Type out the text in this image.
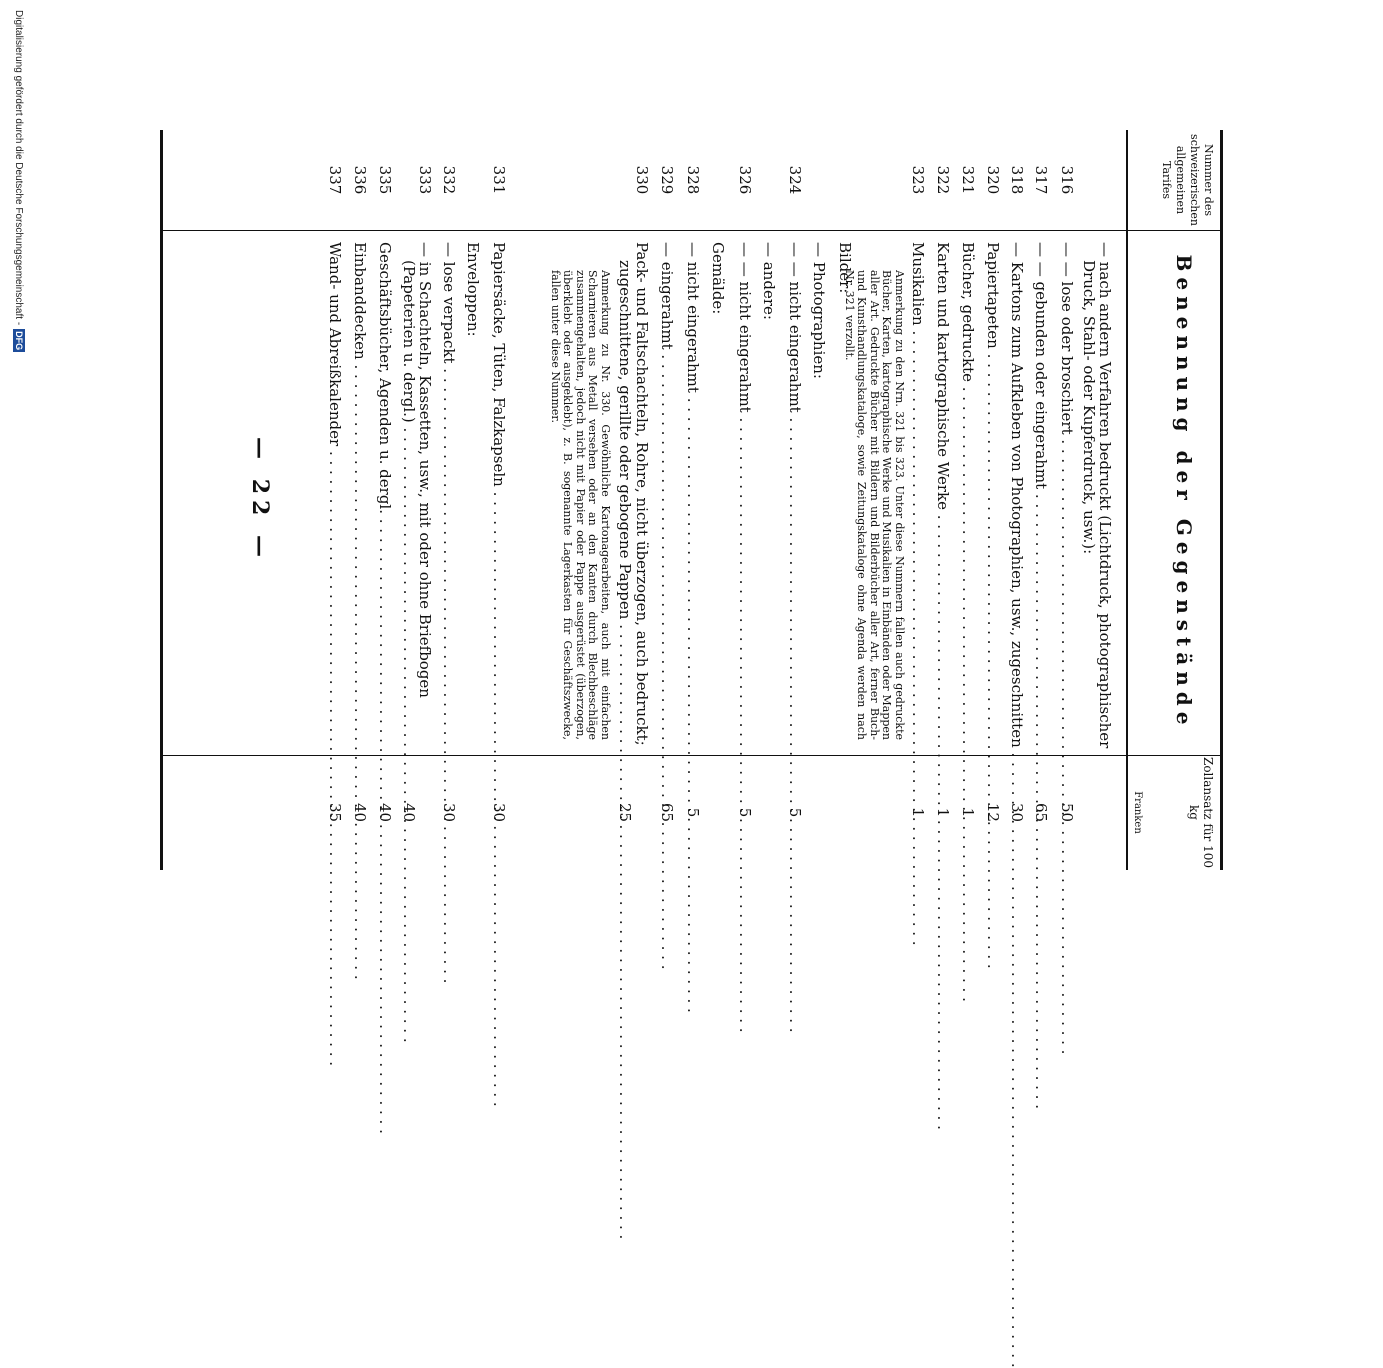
— 22 —
Nummer des schweizerischen allgemeinen Tarifes
Benennung der Gegenstände
Zollansatz für 100 kg
Franken
— nach andern Verfahren bedruckt (Lichtdruck, photographischer
Druck, Stahl- oder Kupferdruck, usw.):
316
— — lose oder broschiert . . .
50
317
— — gebunden oder eingerahmt . . .
65
318
— Kartons zum Aufkleben von Photographien, usw., zugeschnitten . . .
30
320
Papiertapeten . . .
12
321
Bücher, gedruckte . . .
1
322
Karten und kartographische Werke . . .
1
323
Musikalien . . .
1
Bilder:
— Photographien:
324
— — nicht eingerahmt . . .
5
— andere:
326
— — nicht eingerahmt . . .
5
Gemälde:
328
— nicht eingerahmt . . .
5
329
— eingerahmt . . .
65
330
Pack- und Faltschachteln, Rohre, nicht überzogen, auch bedruckt;
zugeschnittene, gerillte oder gebogene Pappen . . .
25
331
Papiersäcke, Tüten, Falzkapseln . . .
30
Enveloppen:
332
— lose verpackt . . .
30
333
— in Schachteln, Kassetten, usw., mit oder ohne Briefbogen
(Papeterien u. dergl.) . . .
40
335
Geschäftsbücher, Agenden u. dergl. . . .
40
336
Einbanddecken . . .
40
337
Wand- und Abreißkalender . . .
35
Anmerkung zu den Nrn. 321 bis 323. Unter diese Nummern fallen auch gedruckte Bücher, Karten, kartographische Werke und Musikalien in Einbänden oder Mappen aller Art. Gedruckte Bücher mit Bildern und Bilderbücher aller Art, ferner Buch- und Kunsthandlungskataloge, sowie Zeitungskataloge ohne Agenda werden nach Nr. 321 verzollt.
Anmerkung zu Nr. 330. Gewöhnliche Kartonagearbeiten, auch mit einfachen Scharnieren aus Metall versehen oder an den Kanten durch Blechbeschläge zusammengehalten, jedoch nicht mit Papier oder Pappe ausgerüstet (überzogen, überklebt oder ausgeklebt), z. B. sogenannte Lagerkasten für Geschäftszwecke, fallen unter diese Nummer.
Digitalisierung gefördert durch die Deutsche Forschungsgemeinschaft -DFG
